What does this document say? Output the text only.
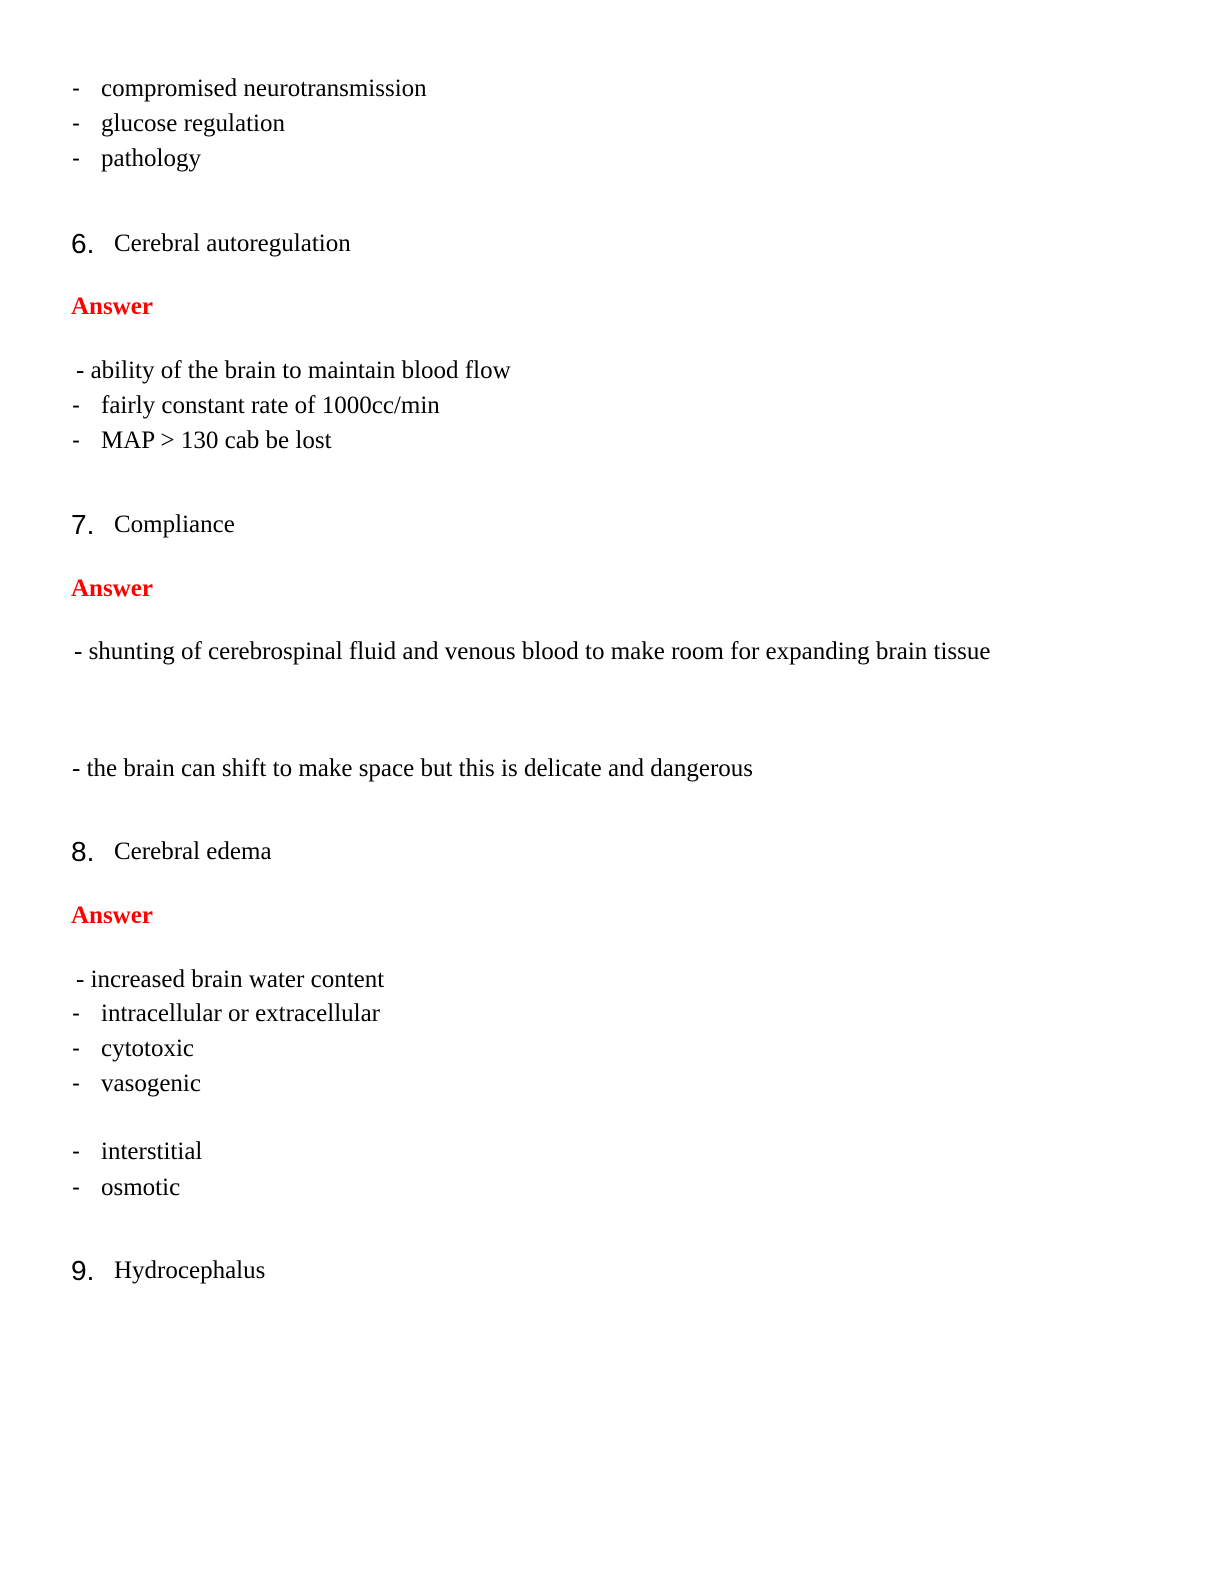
- compromised neurotransmission
- glucose regulation
- pathology
6. Cerebral autoregulation
Answer
- ability of the brain to maintain blood flow
- fairly constant rate of 1000cc/min
- MAP > 130 cab be lost
7. Compliance
Answer
- shunting of cerebrospinal fluid and venous blood to make room for expanding brain tissue
- the brain can shift to make space but this is delicate and dangerous
8. Cerebral edema
Answer
- increased brain water content
- intracellular or extracellular
- cytotoxic
- vasogenic
- interstitial
- osmotic
9. Hydrocephalus
